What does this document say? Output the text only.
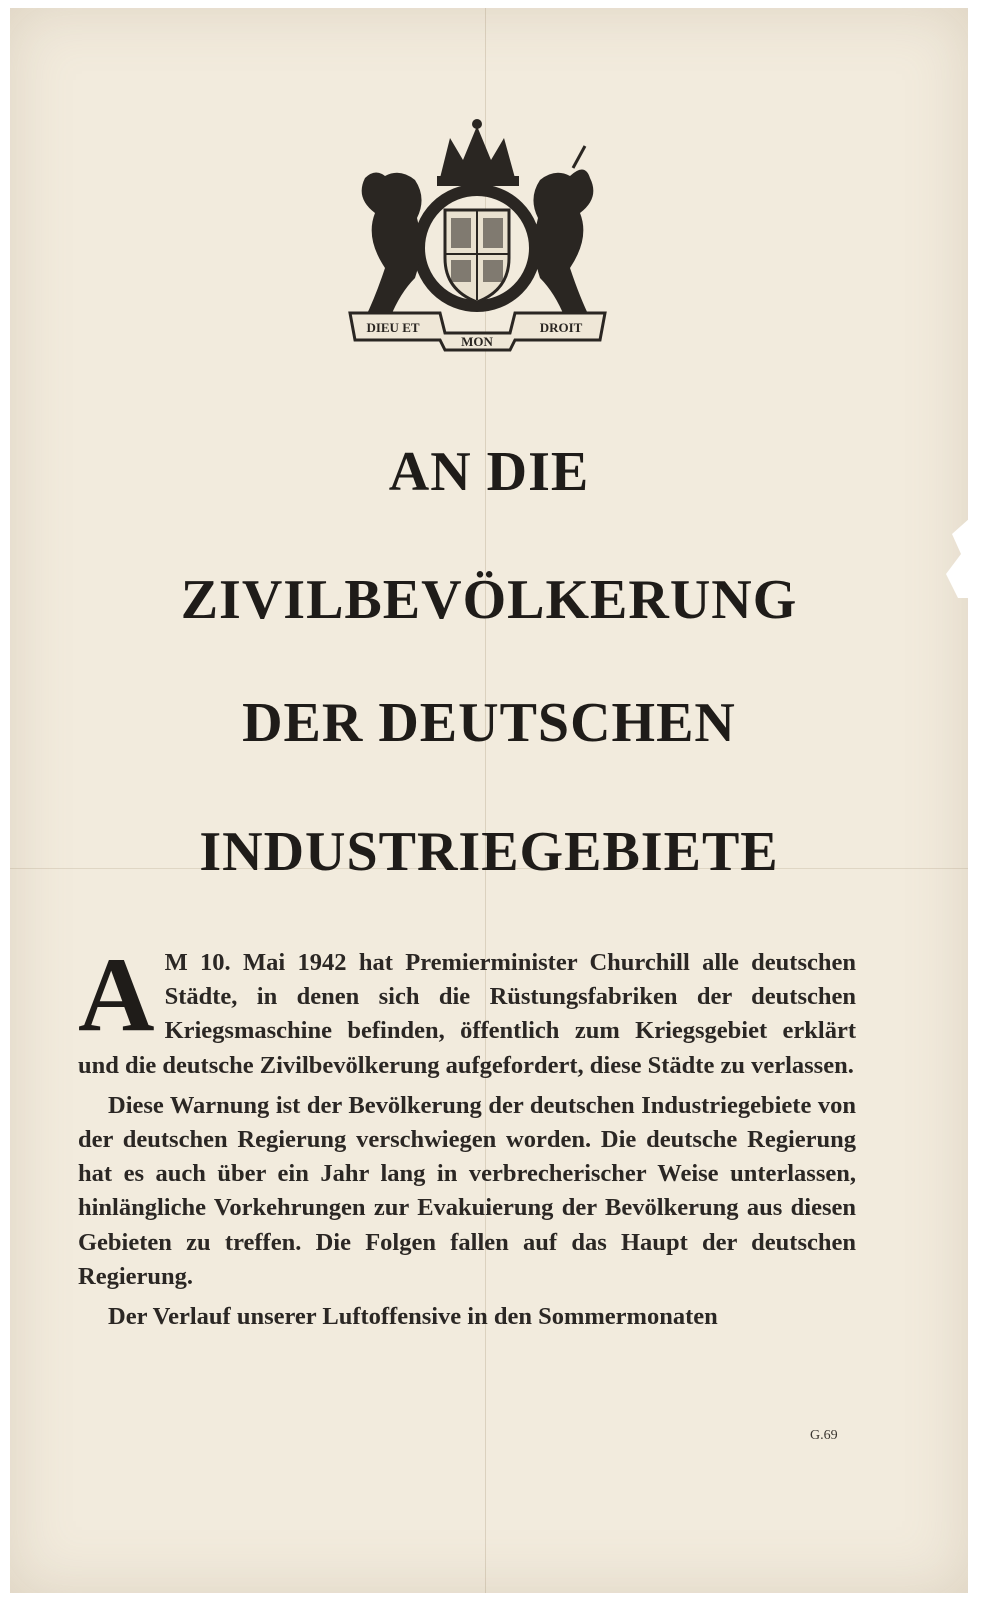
DIEU ET
MON
DROIT
AN DIE
ZIVILBEVÖLKERUNG
DER DEUTSCHEN
INDUSTRIEGEBIETE

A M 10. Mai 1942 hat Premierminister Churchill alle deutschen Städte, in denen sich die Rüstungsfabriken der deutschen Kriegsmaschine befinden, öffentlich zum Kriegsgebiet erklärt und die deutsche Zivilbevölkerung aufgefordert, diese Städte zu verlassen.

Diese Warnung ist der Bevölkerung der deutschen Industriegebiete von der deutschen Regierung verschwiegen worden. Die deutsche Regierung hat es auch über ein Jahr lang in verbrecherischer Weise unterlassen, hinlängliche Vorkehrungen zur Evakuierung der Bevölkerung aus diesen Gebieten zu treffen. Die Folgen fallen auf das Haupt der deutschen Regierung.

Der Verlauf unserer Luftoffensive in den Sommermonaten

G.69
